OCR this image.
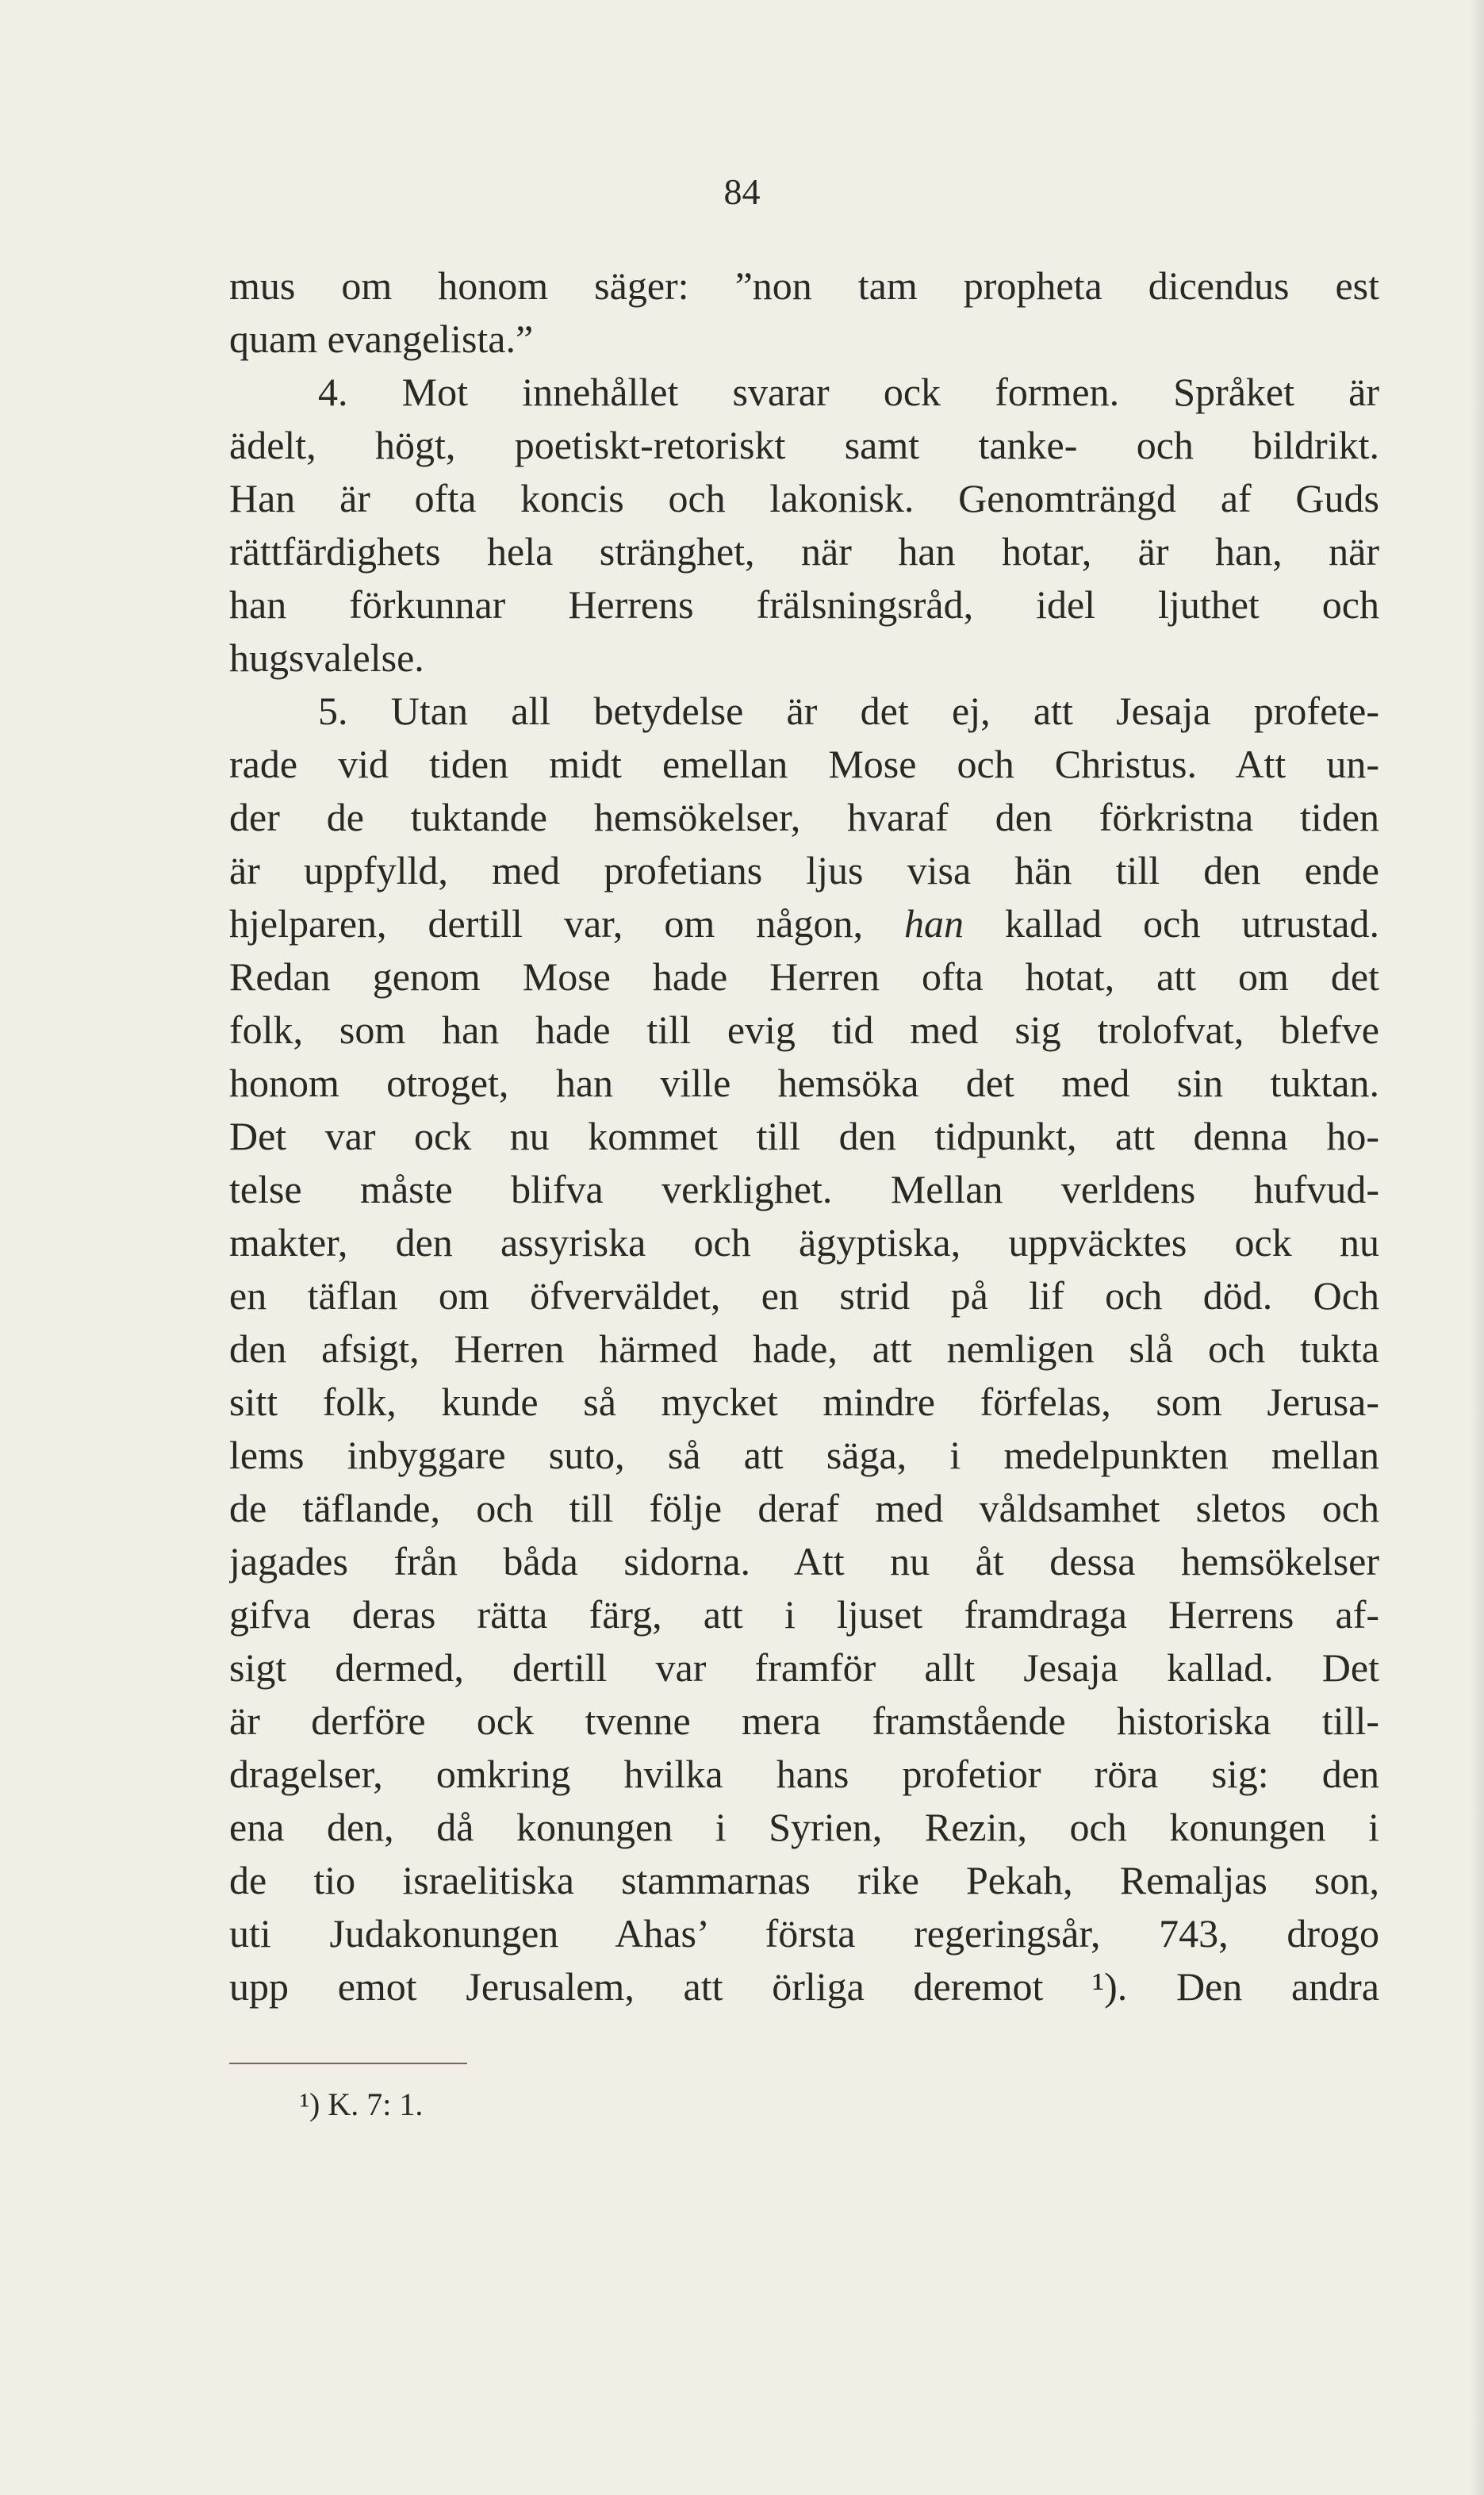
84
mus om honom säger: ”non tam propheta dicendus est
quam evangelista.”
4. Mot innehållet svarar ock formen. Språket är
ädelt, högt, poetiskt-retoriskt samt tanke- och bildrikt.
Han är ofta koncis och lakonisk. Genomträngd af Guds
rättfärdighets hela stränghet, när han hotar, är han, när
han förkunnar Herrens frälsningsråd, idel ljuthet och
hugsvalelse.
5. Utan all betydelse är det ej, att Jesaja profete-
rade vid tiden midt emellan Mose och Christus. Att un-
der de tuktande hemsökelser, hvaraf den förkristna tiden
är uppfylld, med profetians ljus visa hän till den ende
hjelparen, dertill var, om någon, han kallad och utrustad.
Redan genom Mose hade Herren ofta hotat, att om det
folk, som han hade till evig tid med sig trolofvat, blefve
honom otroget, han ville hemsöka det med sin tuktan.
Det var ock nu kommet till den tidpunkt, att denna ho-
telse måste blifva verklighet. Mellan verldens hufvud-
makter, den assyriska och ägyptiska, uppväcktes ock nu
en täflan om öfverväldet, en strid på lif och död. Och
den afsigt, Herren härmed hade, att nemligen slå och tukta
sitt folk, kunde så mycket mindre förfelas, som Jerusa-
lems inbyggare suto, så att säga, i medelpunkten mellan
de täflande, och till följe deraf med våldsamhet sletos och
jagades från båda sidorna. Att nu åt dessa hemsökelser
gifva deras rätta färg, att i ljuset framdraga Herrens af-
sigt dermed, dertill var framför allt Jesaja kallad. Det
är derföre ock tvenne mera framstående historiska till-
dragelser, omkring hvilka hans profetior röra sig: den
ena den, då konungen i Syrien, Rezin, och konungen i
de tio israelitiska stammarnas rike Pekah, Remaljas son,
uti Judakonungen Ahas’ första regeringsår, 743, drogo
upp emot Jerusalem, att örliga deremot ¹). Den andra
¹) K. 7: 1.
